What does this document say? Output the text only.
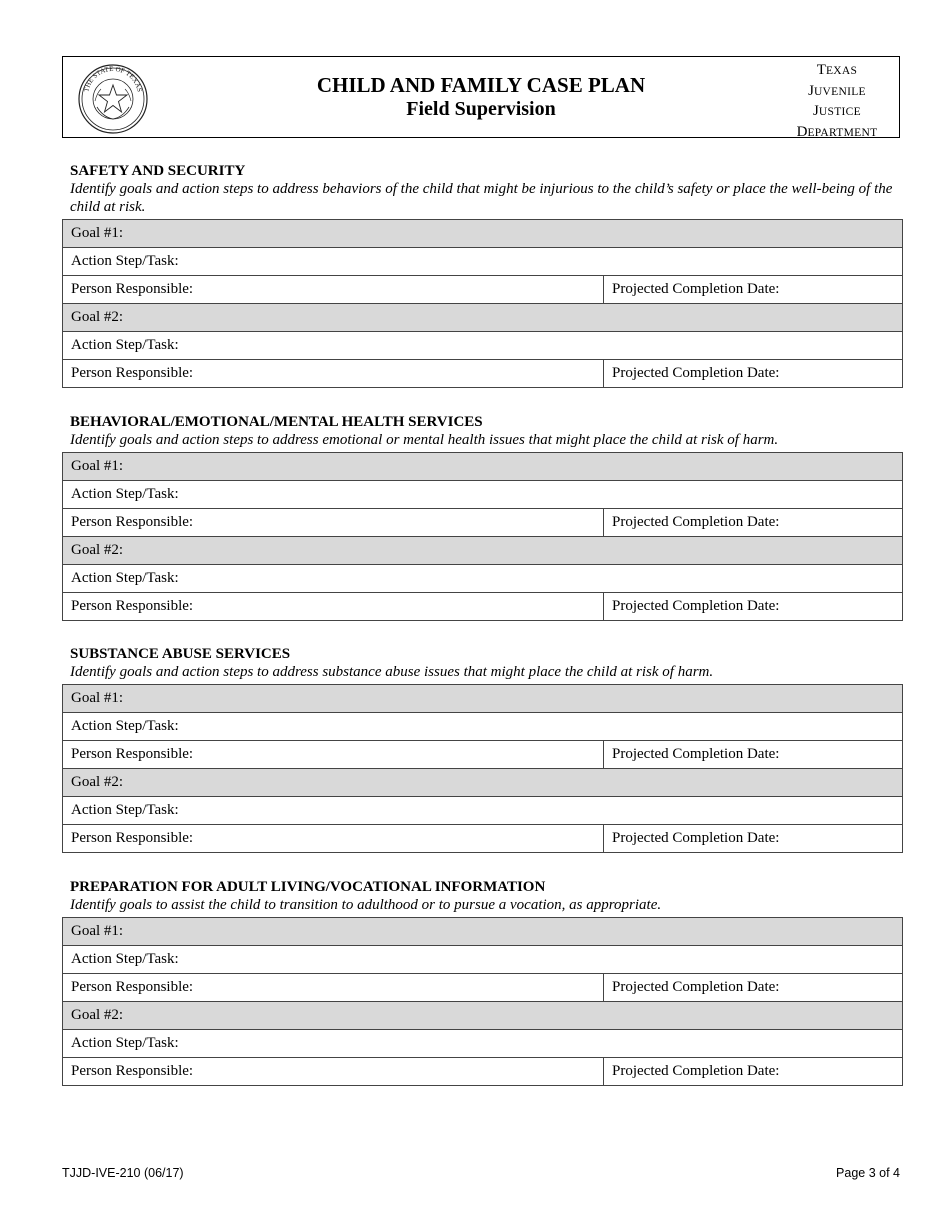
THE STATE OF TEXAS	CHILD AND FAMILY CASE PLAN
Field Supervision
TEXAS
JUVENILE
JUSTICE
DEPARTMENT
SAFETY AND SECURITY
Identify goals and action steps to address behaviors of the child that might be injurious to the child’s safety or place the well-being of the child at risk.
Goal #1:	
Action Step/Task:	
Person Responsible:	Projected Completion Date:
Goal #2:	
Action Step/Task:	
Person Responsible:	Projected Completion Date:
BEHAVIORAL/EMOTIONAL/MENTAL HEALTH SERVICES
Identify goals and action steps to address emotional or mental health issues that might place the child at risk of harm.
Goal #1:	
Action Step/Task:	
Person Responsible:	Projected Completion Date:
Goal #2:	
Action Step/Task:	
Person Responsible:	Projected Completion Date:
SUBSTANCE ABUSE SERVICES
Identify goals and action steps to address substance abuse issues that might place the child at risk of harm.
Goal #1:	
Action Step/Task:	
Person Responsible:	Projected Completion Date:
Goal #2:	
Action Step/Task:	
Person Responsible:	Projected Completion Date:
PREPARATION FOR ADULT LIVING/VOCATIONAL INFORMATION
Identify goals to assist the child to transition to adulthood or to pursue a vocation, as appropriate.
Goal #1:	
Action Step/Task:	
Person Responsible:	Projected Completion Date:
Goal #2:	
Action Step/Task:	
Person Responsible:	Projected Completion Date:
TJJD-IVE-210 (06/17)	Page 3 of 4
